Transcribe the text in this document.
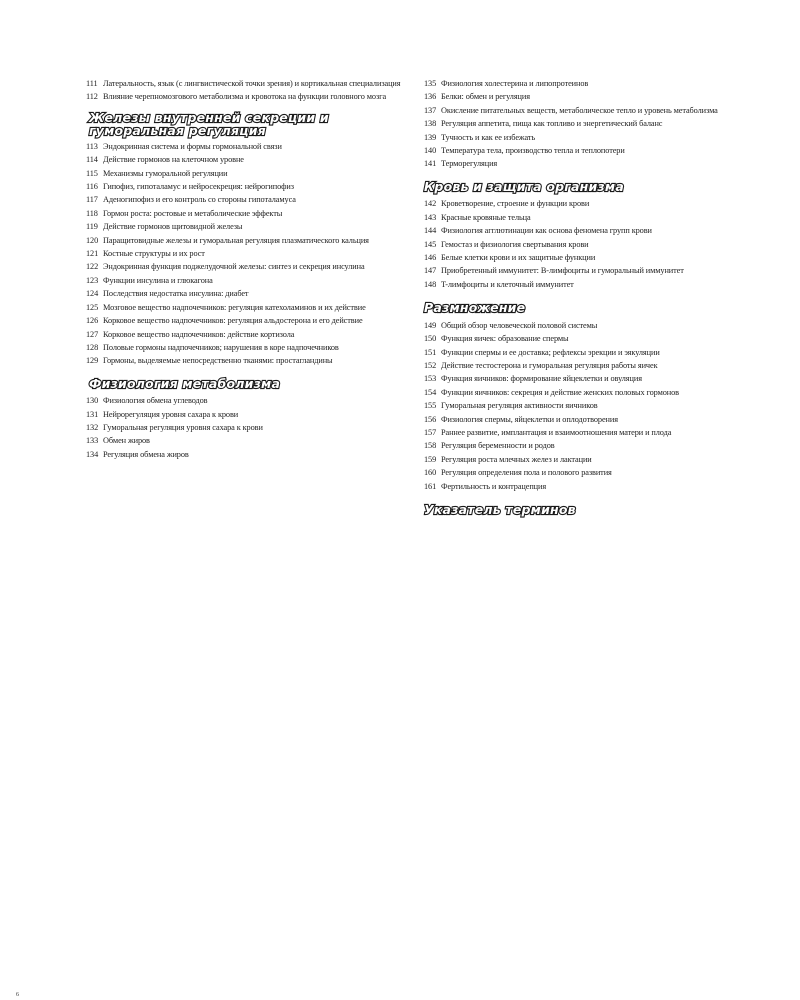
111 Латеральность, язык (с лингвистической точки зрения) и кортикальная специализация
112 Влияние черепномозгового метаболизма и кровотока на функции головного мозга
Железы внутренней секреции и гуморальная регуляция
113 Эндокринная система и формы гормональной связи
114 Действие гормонов на клеточном уровне
115 Механизмы гуморальной регуляции
116 Гипофиз, гипоталамус и нейросекреция: нейрогипофиз
117 Аденогипофиз и его контроль со стороны гипоталамуса
118 Гормон роста: ростовые и метаболические эффекты
119 Действие гормонов щитовидной железы
120 Паращитовидные железы и гуморальная регуляция плазматического кальция
121 Костные структуры и их рост
122 Эндокринная функция поджелудочной железы: синтез и секреция инсулина
123 Функции инсулина и глюкагона
124 Последствия недостатка инсулина: диабет
125 Мозговое вещество надпочечников: регуляция катехоламинов и их действие
126 Корковое вещество надпочечников: регуляция альдостерона и его действие
127 Корковое вещество надпочечников: действие кортизола
128 Половые гормоны надпочечников; нарушения в коре надпочечников
129 Гормоны, выделяемые непосредственно тканями: простагландины
Физиология метаболизма
130 Физиология обмена углеводов
131 Нейрорегуляция уровня сахара к крови
132 Гуморальная регуляция уровня сахара к крови
133 Обмен жиров
134 Регуляция обмена жиров
135 Физиология холестерина и липопротеинов
136 Белки: обмен и регуляция
137 Окисление питательных веществ, метаболическое тепло и уровень метаболизма
138 Регуляция аппетита, пища как топливо и энергетический баланс
139 Тучность и как ее избежать
140 Температура тела, производство тепла и теплопотери
141 Терморегуляция
Кровь и защита организма
142 Кроветворение, строение и функции крови
143 Красные кровяные тельца
144 Физиология агглютинации как основа феномена групп крови
145 Гемостаз и физиология свертывания крови
146 Белые клетки крови и их защитные функции
147 Приобретенный иммунитет: B-лимфоциты и гуморальный иммунитет
148 T-лимфоциты и клеточный иммунитет
Размножение
149 Общий обзор человеческой половой системы
150 Функция яичек: образование спермы
151 Функции спермы и ее доставка; рефлексы эрекции и эякуляции
152 Действие тестостерона и гуморальная регуляция работы яичек
153 Функция яичников: формирование яйцеклетки и овуляция
154 Функции яичников: секреция и действие женских половых гормонов
155 Гуморальная регуляция активности яичников
156 Физиология спермы, яйцеклетки и оплодотворения
157 Раннее развитие, имплантация и взаимоотношения матери и плода
158 Регуляция беременности и родов
159 Регуляция роста млечных желез и лактации
160 Регуляция определения пола и полового развития
161 Фертильность и контрацепция
Указатель терминов
6
